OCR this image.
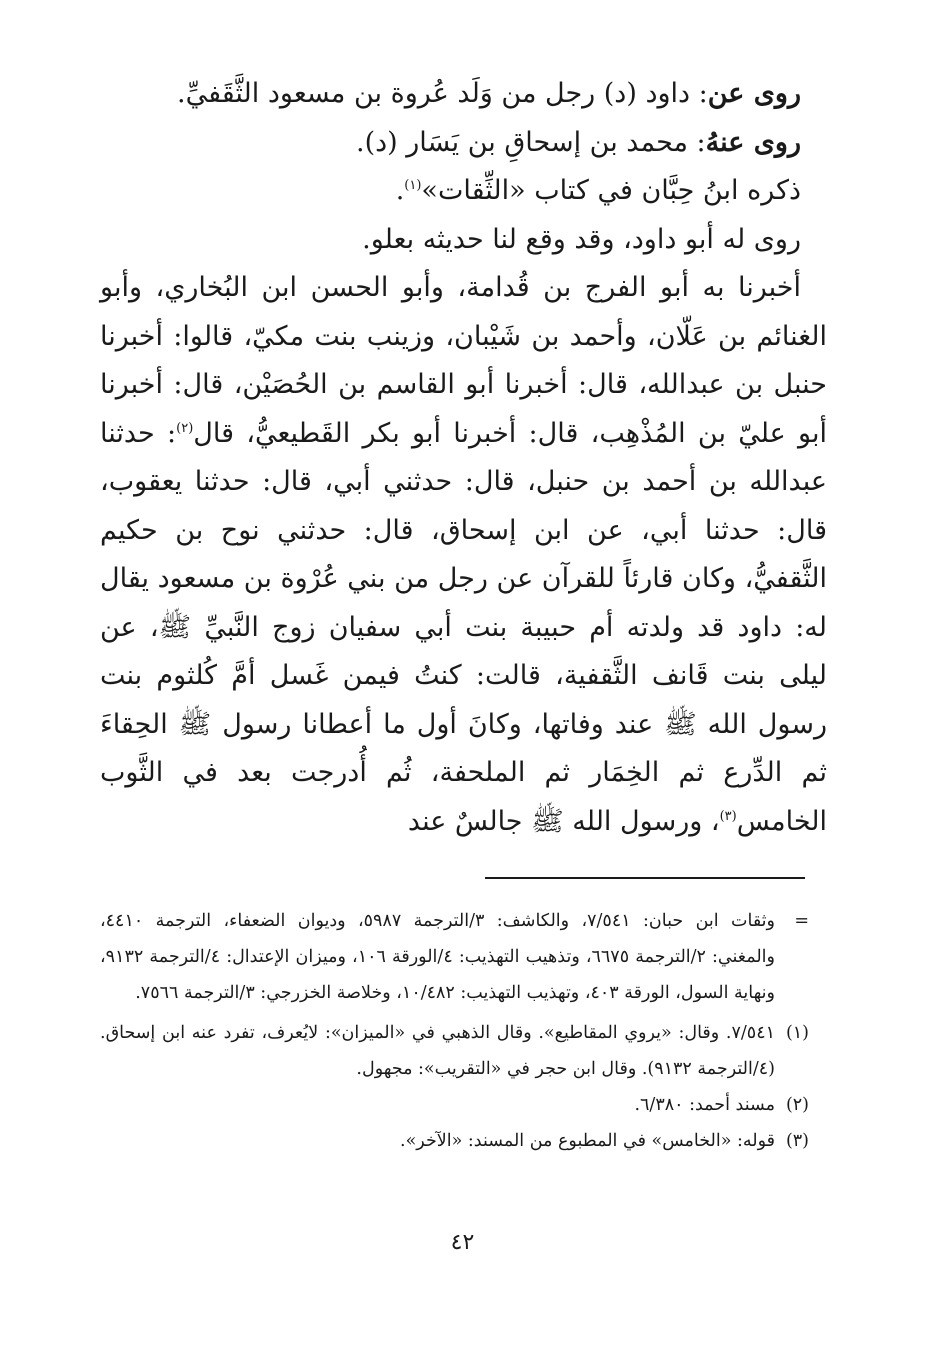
روى عن: داود (د) رجل من وَلَد عُروة بن مسعود الثَّقَفيِّ.

روى عنهُ: محمد بن إسحاقِ بن يَسَار (د).

ذكره ابنُ حِبَّان في كتاب «الثِّقات»$^{(١)}$.

روى له أبو داود، وقد وقع لنا حديثه بعلو.

أخبرنا به أبو الفرج بن قُدامة، وأبو الحسن ابن البُخاري، وأبو الغنائم بن عَلّان، وأحمد بن شَيْبان، وزينب بنت مكيّ، قالوا: أخبرنا حنبل بن عبدالله، قال: أخبرنا أبو القاسم بن الحُصَيْن، قال: أخبرنا أبو عليّ بن المُذْهِب، قال: أخبرنا أبو بكر القَطيعيُّ، قال$^{(٢)}$: حدثنا عبدالله بن أحمد بن حنبل، قال: حدثني أبي، قال: حدثنا يعقوب، قال: حدثنا أبي، عن ابن إسحاق، قال: حدثني نوح بن حكيم الثَّقفيُّ، وكان قارئاً للقرآن عن رجل من بني عُرْوة بن مسعود يقال له: داود قد ولدته أم حبيبة بنت أبي سفيان زوج النَّبيِّ ﷺ، عن ليلى بنت قَانف الثَّقفية، قالت: كنتُ فيمن غَسل أمَّ كُلثوم بنت رسول الله ﷺ عند وفاتها، وكانَ أول ما أعطانا رسول ﷺ الحِقاءَ ثم الدِّرع ثم الخِمَار ثم الملحفة، ثُم أُدرجت بعد في الثَّوب الخامس$^{(٣)}$، ورسول الله ﷺ جالسٌ عند

=
وثقات ابن حبان: ٧/٥٤١، والكاشف: ٣/الترجمة ٥٩٨٧، وديوان الضعفاء، الترجمة ٤٤١٠، والمغني: ٢/الترجمة ٦٦٧٥، وتذهيب التهذيب: ٤/الورقة ١٠٦، وميزان الإعتدال: ٤/الترجمة ٩١٣٢، ونهاية السول، الورقة ٤٠٣، وتهذيب التهذيب: ١٠/٤٨٢، وخلاصة الخزرجي: ٣/الترجمة ٧٥٦٦.
(١)
٧/٥٤١. وقال: «يروي المقاطيع». وقال الذهبي في «الميزان»: لايُعرف، تفرد عنه ابن إسحاق. (٤/الترجمة ٩١٣٢). وقال ابن حجر في «التقريب»: مجهول.
(٢)
مسند أحمد: ٦/٣٨٠.
(٣)
قوله: «الخامس» في المطبوع من المسند: «الآخر».
٤٢
